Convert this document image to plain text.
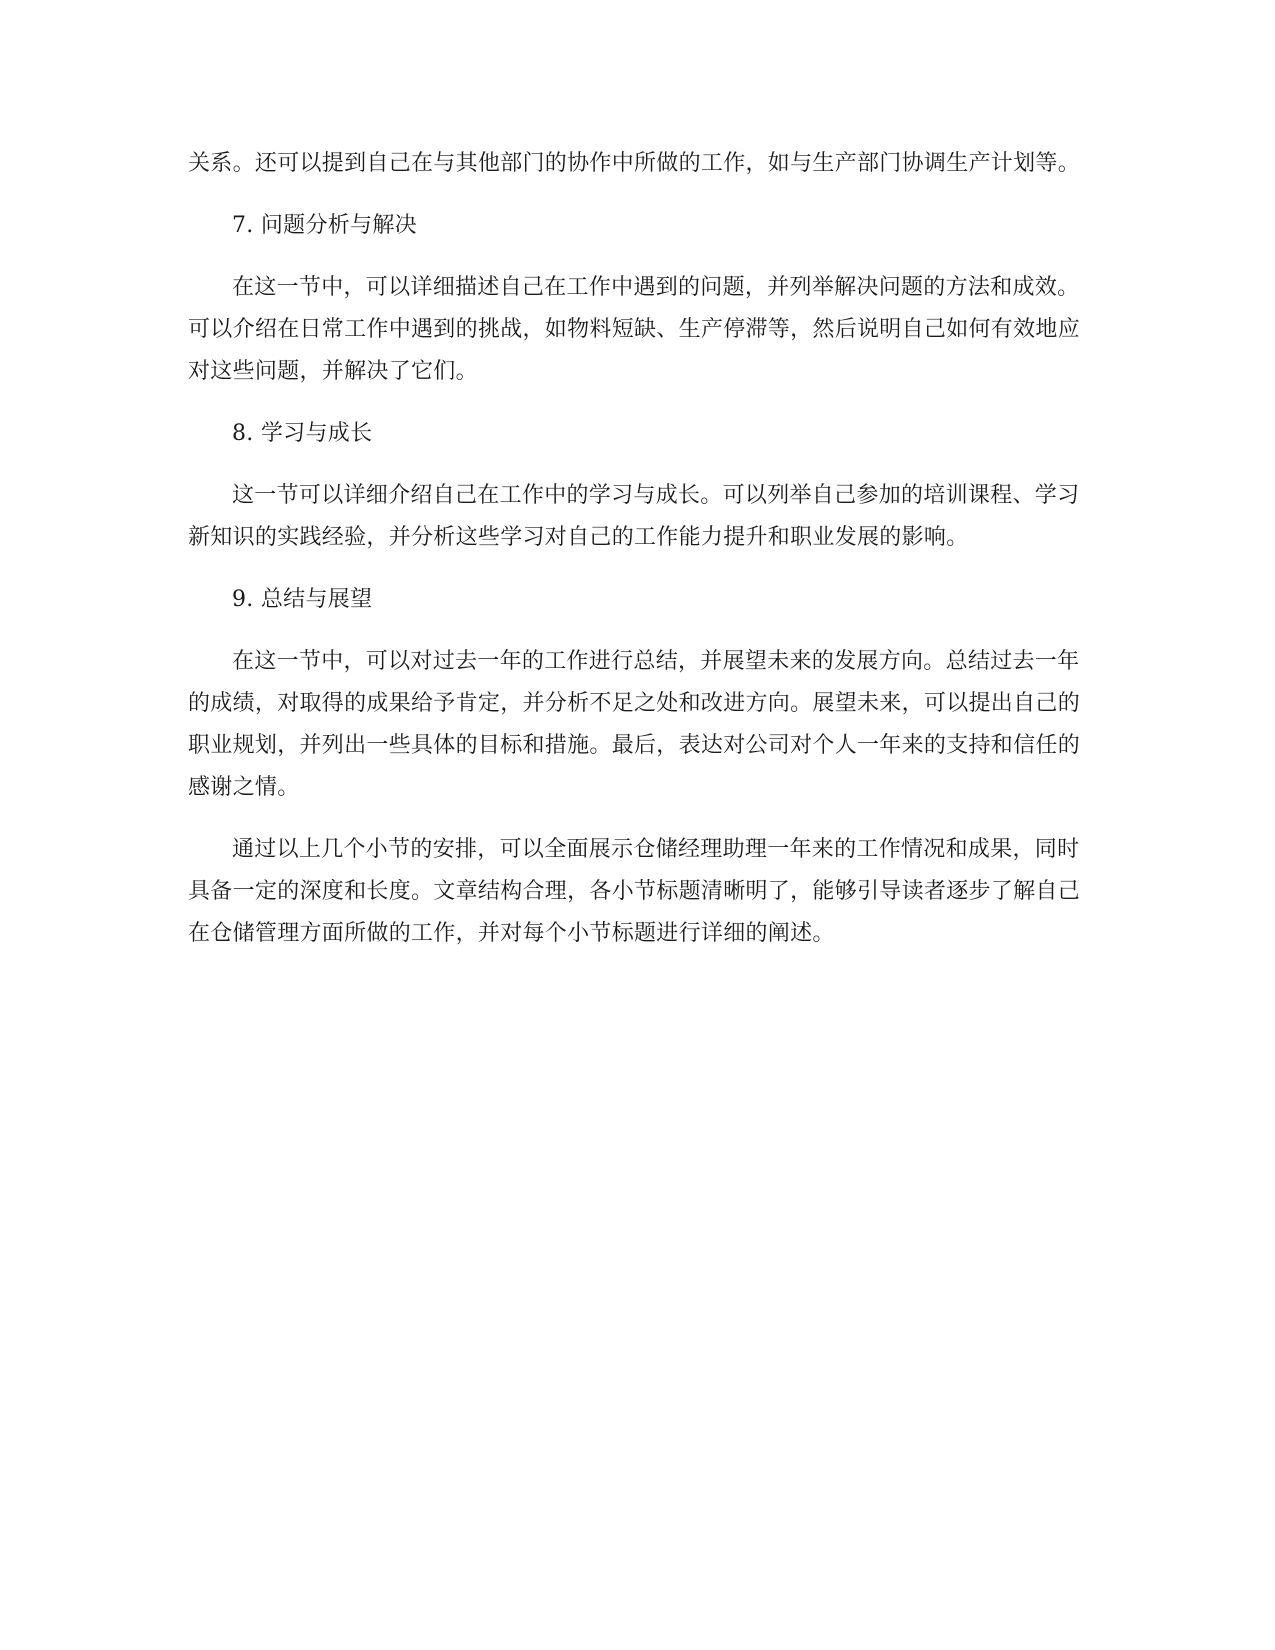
关系。还可以提到自己在与其他部门的协作中所做的工作，如与生产部门协调生产计划等。

7. 问题分析与解决

在这一节中，可以详细描述自己在工作中遇到的问题，并列举解决问题的方法和成效。可以介绍在日常工作中遇到的挑战，如物料短缺、生产停滞等，然后说明自己如何有效地应对这些问题，并解决了它们。

8. 学习与成长

这一节可以详细介绍自己在工作中的学习与成长。可以列举自己参加的培训课程、学习新知识的实践经验，并分析这些学习对自己的工作能力提升和职业发展的影响。

9. 总结与展望

在这一节中，可以对过去一年的工作进行总结，并展望未来的发展方向。总结过去一年的成绩，对取得的成果给予肯定，并分析不足之处和改进方向。展望未来，可以提出自己的职业规划，并列出一些具体的目标和措施。最后，表达对公司对个人一年来的支持和信任的感谢之情。

通过以上几个小节的安排，可以全面展示仓储经理助理一年来的工作情况和成果，同时具备一定的深度和长度。文章结构合理，各小节标题清晰明了，能够引导读者逐步了解自己在仓储管理方面所做的工作，并对每个小节标题进行详细的阐述。
